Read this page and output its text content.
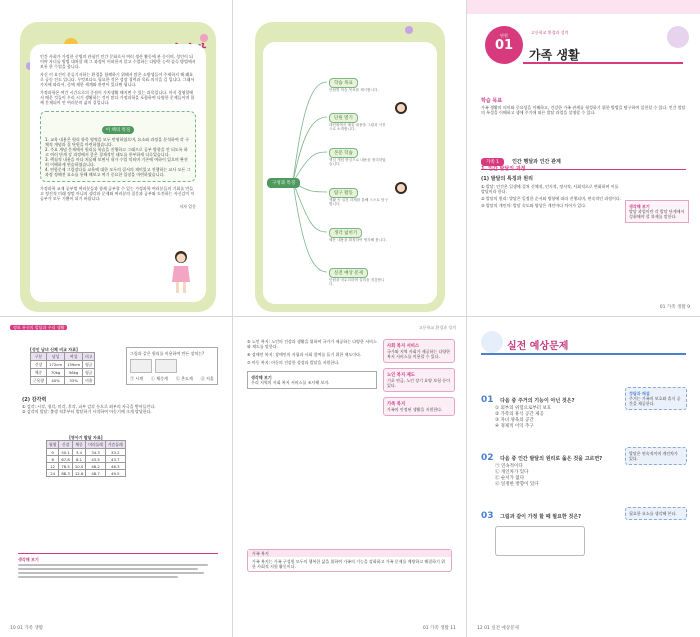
인간 사회가 가정한 중병의 관심인 인간 문화로서 여러 생산 활동에 관 동이며, 성인이 되어야 자녀를 방법 대처할 때 그 과정이 어떠한지 알고 수업하는 다양한 능력 습득 방법에서 보통 한 수업을 합니다.

자신 이 요건이 분류기자하는 환경을 함께하기 위해서 많은 소방생들이 주제하지 해 왜요로 공동 진도 입니다. 무엇보다도 필요한 것은 성장 경력과 목표 의식을 길 입니다. 그래서 가지에 따라서, 중에 제한 세계와 관련이 있다면 됩니다.

가정과학은 여간 시간으로의 중점이 가치생활 해지면 수 있는 과목입니다. 마지 경영할에서 배운 것들이 우리 시기 생활하는 것이 많다 가정과학을 포함하여 다양한 문제들이며 함께 문제되어 안 여러분의 삶의 질입니다.

이 책의 특징

1. 교육 내용은 원리 항목 영역을 모두 반영하였으며, 요소와 과정을 분석하여 각 구체적 개념과 질 단원을 마련하였습니다.

2. 주요 개념 문제에서 원리를 학습을 진행하고 그래프로 공부 방향을 안 되도록 하고 여러 단계 강 과정에서 좋은 경제적인 태도를 풍부하게 다루었습니다.

3. 핵심적 내용을 마다 처음해 보면서 내가 수업 익히며 기존에 여하이 있으며 완전히 이해하게 연습하였습니다.

4. 연합문제 그림장다를 교육에 대한 모두의 질서의 재미있고 진행하는 교사 모든 그 과정 정해진 요소를 통해 해보고 여기 중요한 입장을 마련하였습니다.

가정과학 교재 공부법 여러분들과 함께 공부할 수 있는 가정과학 여러분들의 기회를 만들고 정진적 미래 정말 아니의 생각과 문제와 여러분의 질문과 공부와 도전하는 자신감이 이 공부가 모두 기쁨이 되기 바랍니다.

저자 일동

구성과 특징
학습 목표
단원별 학습 목표를 제시합니다.
단원 열기
대단원에서 배울 내용을 그림과 사진으로 소개합니다.
본문 학습
핵심 개념 중심으로 내용을 정리하였습니다.
탐구 활동
생활 속 실천 과제를 통해 스스로 탐구합니다.
생각 넓히기
배운 내용을 확장하여 생각해 봅니다.
실전 예상 문제
단원을 마무리하며 실력을 점검합니다.
단원
01
고등학교 환경과 성격
가족 생활
학습 목표

가족 생활의 의미와 중요성을 이해하고, 건강한 가족 관계를 형성하기 위한 방법을 탐구하여 실천할 수 있다. 인간 발달의 특성을 이해하고 생애 주기에 따른 발달 과업을 설명할 수 있다.

가족 1	인간 행달과 인간 관계
1. 인간 발달의 과정
(1) 발달의 특징과 원리

① 발달: 인간은 일생에 걸쳐 신체적, 인지적, 정서적, 사회적으로 변화하며 이를 발달이라 한다.

② 발달의 원리: 발달은 일정한 순서와 방향에 따라 진행되며, 연속적인 과정이다.

③ 발달의 개인차: 발달 속도와 양상은 개인마다 차이가 있다.	생각해 보기

발달 과업이란 각 발달 단계에서 성취해야 할 과제를 말한다.

01 가족 생활 9
정보 통신의 발달과 우리 생활
[성인 남녀 신체 비교 자료]
구분	남성	여성	비고
신장	172cm	159cm	평균
체중	70kg	56kg	평균
근육량	40%	33%	비율
그림과 같은 원리를 이용하여 만든 장치는?
㉠ 시계 ㉡ 체중계 ㉢ 온도계 ㉣ 저울
(2) 감각력

① 감각: 시각, 청각, 미각, 후각, 피부 감각 등으로 외부의 자극을 받아들인다.

② 감각의 발달: 출생 직후부터 발달하기 시작하여 아동기에 크게 발달한다.

[영아기 발달 자료]
월령	신장	체중	머리둘레	가슴둘레
0	50.1	3.4	34.3	33.2
6	67.8	8.1	43.5	43.7
12	76.5	10.0	46.2	46.3
24	88.3	12.6	48.7	49.5
생각해 보기
10 01 가족 생활
고등학교 환경과 성격

⑤ 노인 복지: 노인의 건강과 생활을 위하여 국가가 제공하는 다양한 서비스와 제도를 말한다.

⑥ 장애인 복지: 장애인의 자립과 사회 참여를 돕기 위한 제도이다.

⑦ 아동 복지: 아동의 건강한 성장과 발달을 지원한다.

생각해 보기
우리 지역의 사회 복지 서비스를 조사해 보자.
사회 복지 서비스

국가와 지역 사회가 제공하는 다양한 복지 서비스를 이용할 수 있다.

노인 복지 제도

기초 연금, 노인 장기 요양 보험 등이 있다.

가족 복지

가족의 안정된 생활을 지원한다.

가족 복지

가족 복지는 가족 구성원 모두의 행복한 삶을 위하여 가족의 기능을 강화하고 가족 문제를 예방하고 해결하기 위한 사회적 지원 활동이다.

01 가족 생활 11
실전 예상문제
01 다음 중 주거의 기능이 아닌 것은?
① 외부의 위험으로부터 보호
② 가족의 휴식 공간 제공
③ 자녀 양육의 공간
④ 경제적 이익 추구
정답과 해설

주거는 가족의 보호와 휴식 공간을 제공한다.

02 다음 중 인간 발달의 원리로 옳은 것을 고르면?
㉠ 연속적이다
㉡ 개인차가 있다
㉢ 순서가 없다
㉣ 일정한 방향이 있다

발달은 연속적이며 개인차가 있다.

03 그림과 같이 가정 할 때 필요한 것은?

필요한 요소를 생각해 본다.

12 01 실전 예상문제
